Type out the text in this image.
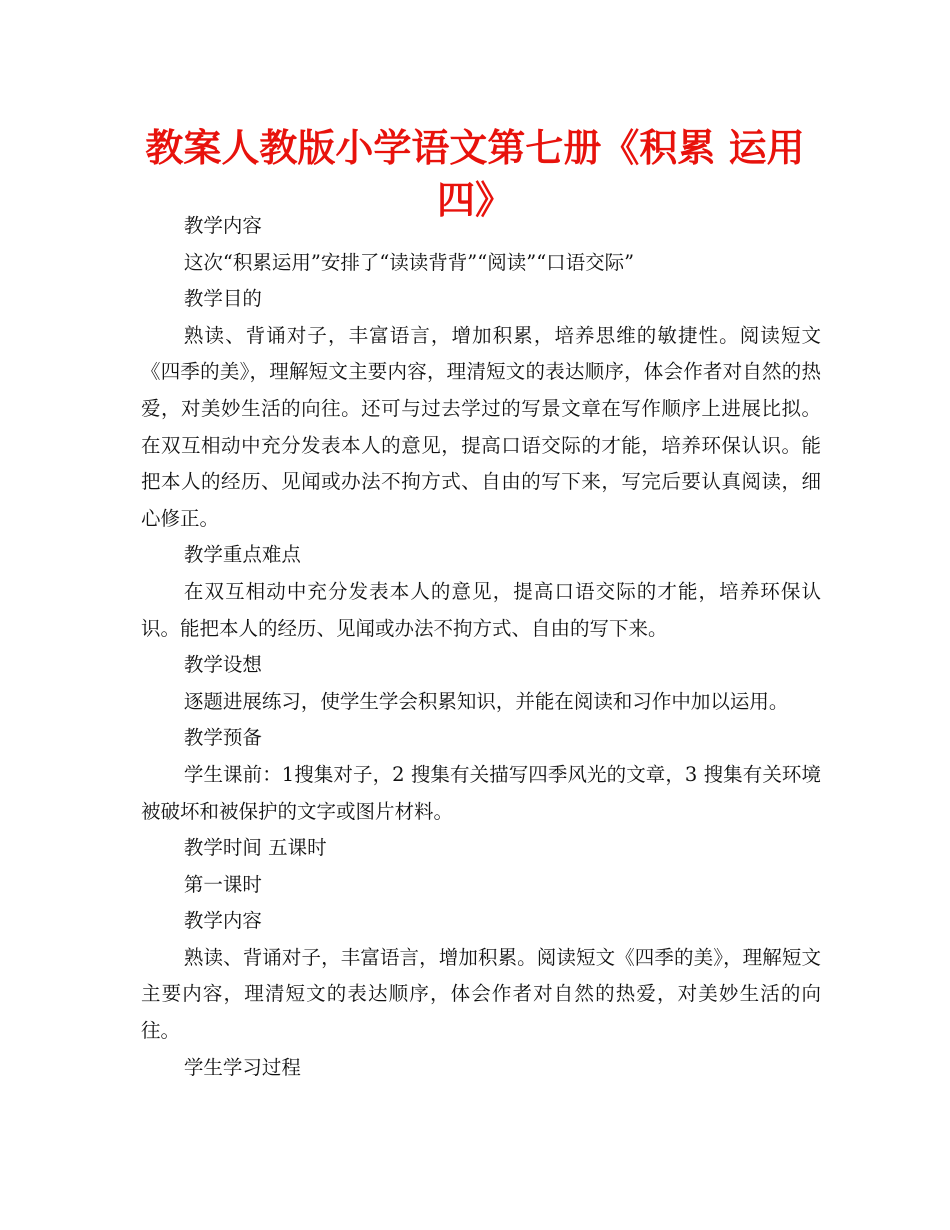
教案人教版小学语文第七册《积累 运用四》

教学内容

这次“积累运用”安排了“读读背背”“阅读”“口语交际”

教学目的

熟读、背诵对子，丰富语言，增加积累，培养思维的敏捷性。阅读短文《四季的美》，理解短文主要内容，理清短文的表达顺序，体会作者对自然的热爱，对美妙生活的向往。还可与过去学过的写景文章在写作顺序上进展比拟。在双互相动中充分发表本人的意见，提高口语交际的才能，培养环保认识。能把本人的经历、见闻或办法不拘方式、自由的写下来，写完后要认真阅读，细心修正。

教学重点难点

在双互相动中充分发表本人的意见，提高口语交际的才能，培养环保认识。能把本人的经历、见闻或办法不拘方式、自由的写下来。

教学设想

逐题进展练习，使学生学会积累知识，并能在阅读和习作中加以运用。

教学预备

学生课前：1搜集对子，2 搜集有关描写四季风光的文章，3 搜集有关环境被破坏和被保护的文字或图片材料。

教学时间 五课时

第一课时

教学内容

熟读、背诵对子，丰富语言，增加积累。阅读短文《四季的美》，理解短文主要内容，理清短文的表达顺序，体会作者对自然的热爱，对美妙生活的向往。

学生学习过程
